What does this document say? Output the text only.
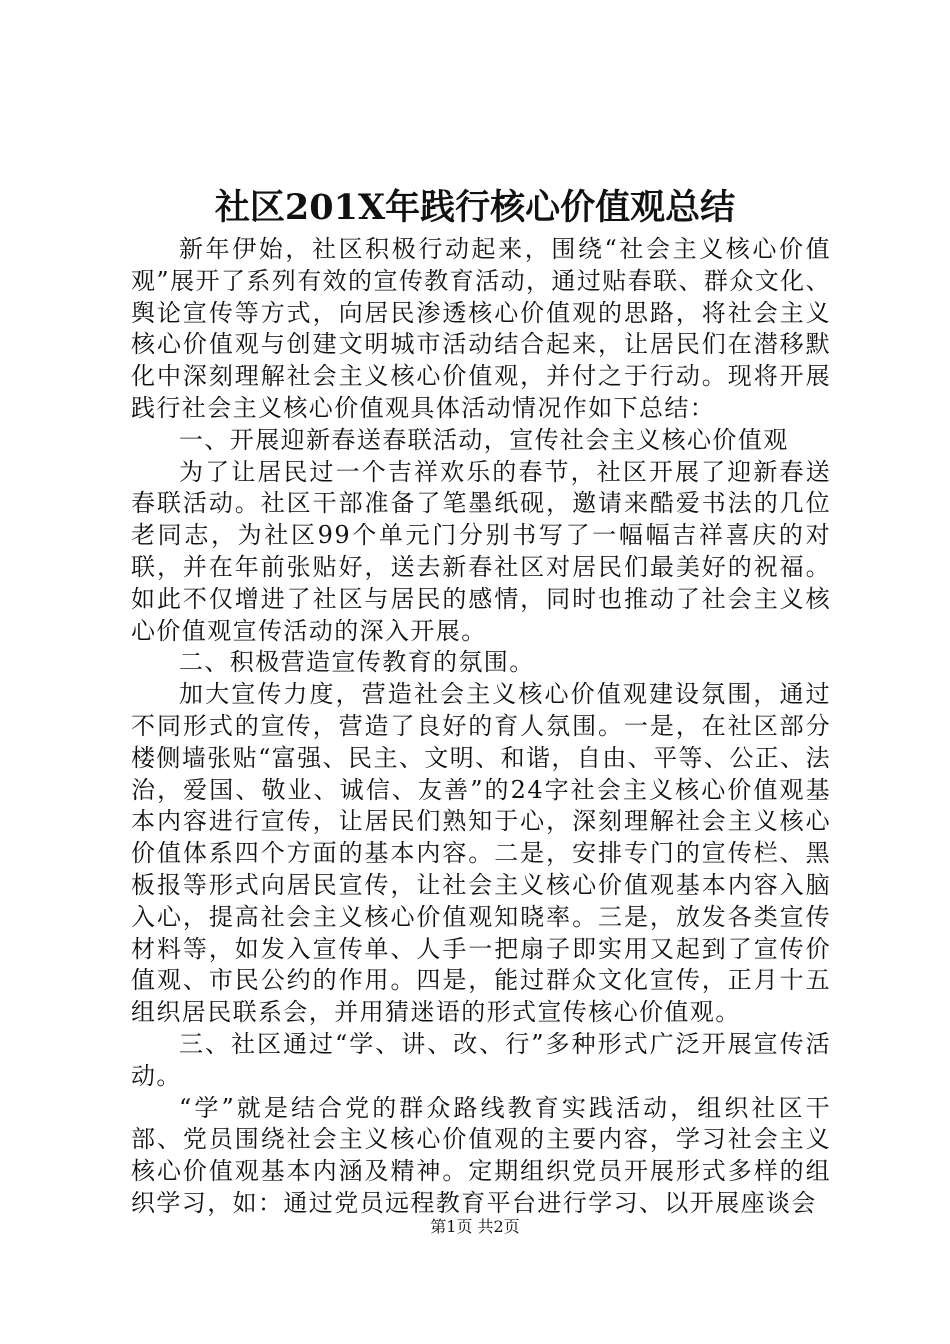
社区201X年践行核心价值观总结

新年伊始，社区积极行动起来，围绕“社会主义核心价值观”展开了系列有效的宣传教育活动，通过贴春联、群众文化、舆论宣传等方式，向居民渗透核心价值观的思路，将社会主义核心价值观与创建文明城市活动结合起来，让居民们在潜移默化中深刻理解社会主义核心价值观，并付之于行动。现将开展践行社会主义核心价值观具体活动情况作如下总结：

一、开展迎新春送春联活动，宣传社会主义核心价值观

为了让居民过一个吉祥欢乐的春节，社区开展了迎新春送春联活动。社区干部准备了笔墨纸砚，邀请来酷爱书法的几位老同志，为社区99个单元门分别书写了一幅幅吉祥喜庆的对联，并在年前张贴好，送去新春社区对居民们最美好的祝福。如此不仅增进了社区与居民的感情，同时也推动了社会主义核心价值观宣传活动的深入开展。

二、积极营造宣传教育的氛围。

加大宣传力度，营造社会主义核心价值观建设氛围，通过不同形式的宣传，营造了良好的育人氛围。一是，在社区部分楼侧墙张贴“富强、民主、文明、和谐，自由、平等、公正、法治，爱国、敬业、诚信、友善”的24字社会主义核心价值观基本内容进行宣传，让居民们熟知于心，深刻理解社会主义核心价值体系四个方面的基本内容。二是，安排专门的宣传栏、黑板报等形式向居民宣传，让社会主义核心价值观基本内容入脑入心，提高社会主义核心价值观知晓率。三是，放发各类宣传材料等，如发入宣传单、人手一把扇子即实用又起到了宣传价值观、市民公约的作用。四是，能过群众文化宣传，正月十五组织居民联系会，并用猜迷语的形式宣传核心价值观。

三、社区通过“学、讲、改、行”多种形式广泛开展宣传活动。

“学”就是结合党的群众路线教育实践活动，组织社区干部、党员围绕社会主义核心价值观的主要内容，学习社会主义核心价值观基本内涵及精神。定期组织党员开展形式多样的组织学习，如：通过党员远程教育平台进行学习、以开展座谈会

第1页 共2页
